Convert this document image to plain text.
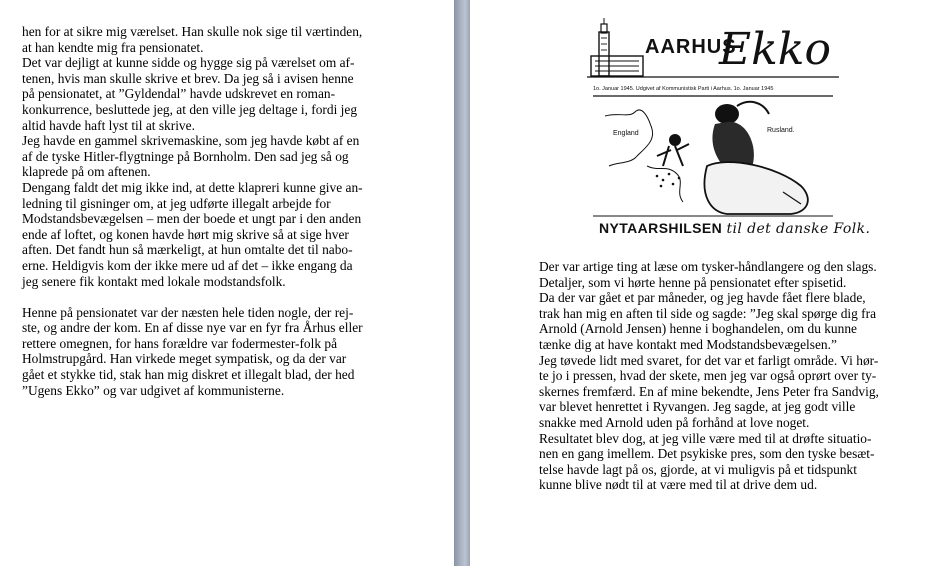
hen for at sikre mig værelset. Han skulle nok sige til værtinden,
at han kendte mig fra pensionatet.
Det var dejligt at kunne sidde og hygge sig på værelset om af-
tenen, hvis man skulle skrive et brev. Da jeg så i avisen henne
på pensionatet, at ”Gyldendal” havde udskrevet en roman-
konkurrence, besluttede jeg, at den ville jeg deltage i, fordi jeg
altid havde haft lyst til at skrive.
Jeg havde en gammel skrivemaskine, som jeg havde købt af en
af de tyske Hitler-flygtninge på Bornholm. Den sad jeg så og
klaprede på om aftenen.
Dengang faldt det mig ikke ind, at dette klapreri kunne give an-
ledning til gisninger om, at jeg udførte illegalt arbejde for
Modstandsbevægelsen – men der boede et ungt par i den anden
ende af loftet, og konen havde hørt mig skrive så at sige hver
aften. Det fandt hun så mærkeligt, at hun omtalte det til nabo-
erne. Heldigvis kom der ikke mere ud af det – ikke engang da
jeg senere fik kontakt med lokale modstandsfolk.
Henne på pensionatet var der næsten hele tiden nogle, der rej-
ste, og andre der kom. En af disse nye var en fyr fra Århus eller
rettere omegnen, for hans forældre var fodermester-folk på
Holmstrupgård. Han virkede meget sympatisk, og da der var
gået et stykke tid, stak han mig diskret et illegalt blad, der hed
”Ugens Ekko” og var udgivet af kommunisterne.
AARHUS
Ekko
1o. Januar 1945. Udgivet af Kommunistisk Parti i Aarhus. 1o. Januar 1945
England	Rusland.
NYTAARSHILSEN til det danske Folk.
Der var artige ting at læse om tysker-håndlangere og den slags.
Detaljer, som vi hørte henne på pensionatet efter spisetid.
Da der var gået et par måneder, og jeg havde fået flere blade,
trak han mig en aften til side og sagde: ”Jeg skal spørge dig fra
Arnold (Arnold Jensen) henne i boghandelen, om du kunne
tænke dig at have kontakt med Modstandsbevægelsen.”
Jeg tøvede lidt med svaret, for det var et farligt område. Vi hør-
te jo i pressen, hvad der skete, men jeg var også oprørt over ty-
skernes fremfærd. En af mine bekendte, Jens Peter fra Sandvig,
var blevet henrettet i Ryvangen. Jeg sagde, at jeg godt ville
snakke med Arnold uden på forhånd at love noget.
Resultatet blev dog, at jeg ville være med til at drøfte situatio-
nen en gang imellem. Det psykiske pres, som den tyske besæt-
telse havde lagt på os, gjorde, at vi muligvis på et tidspunkt
kunne blive nødt til at være med til at drive dem ud.
